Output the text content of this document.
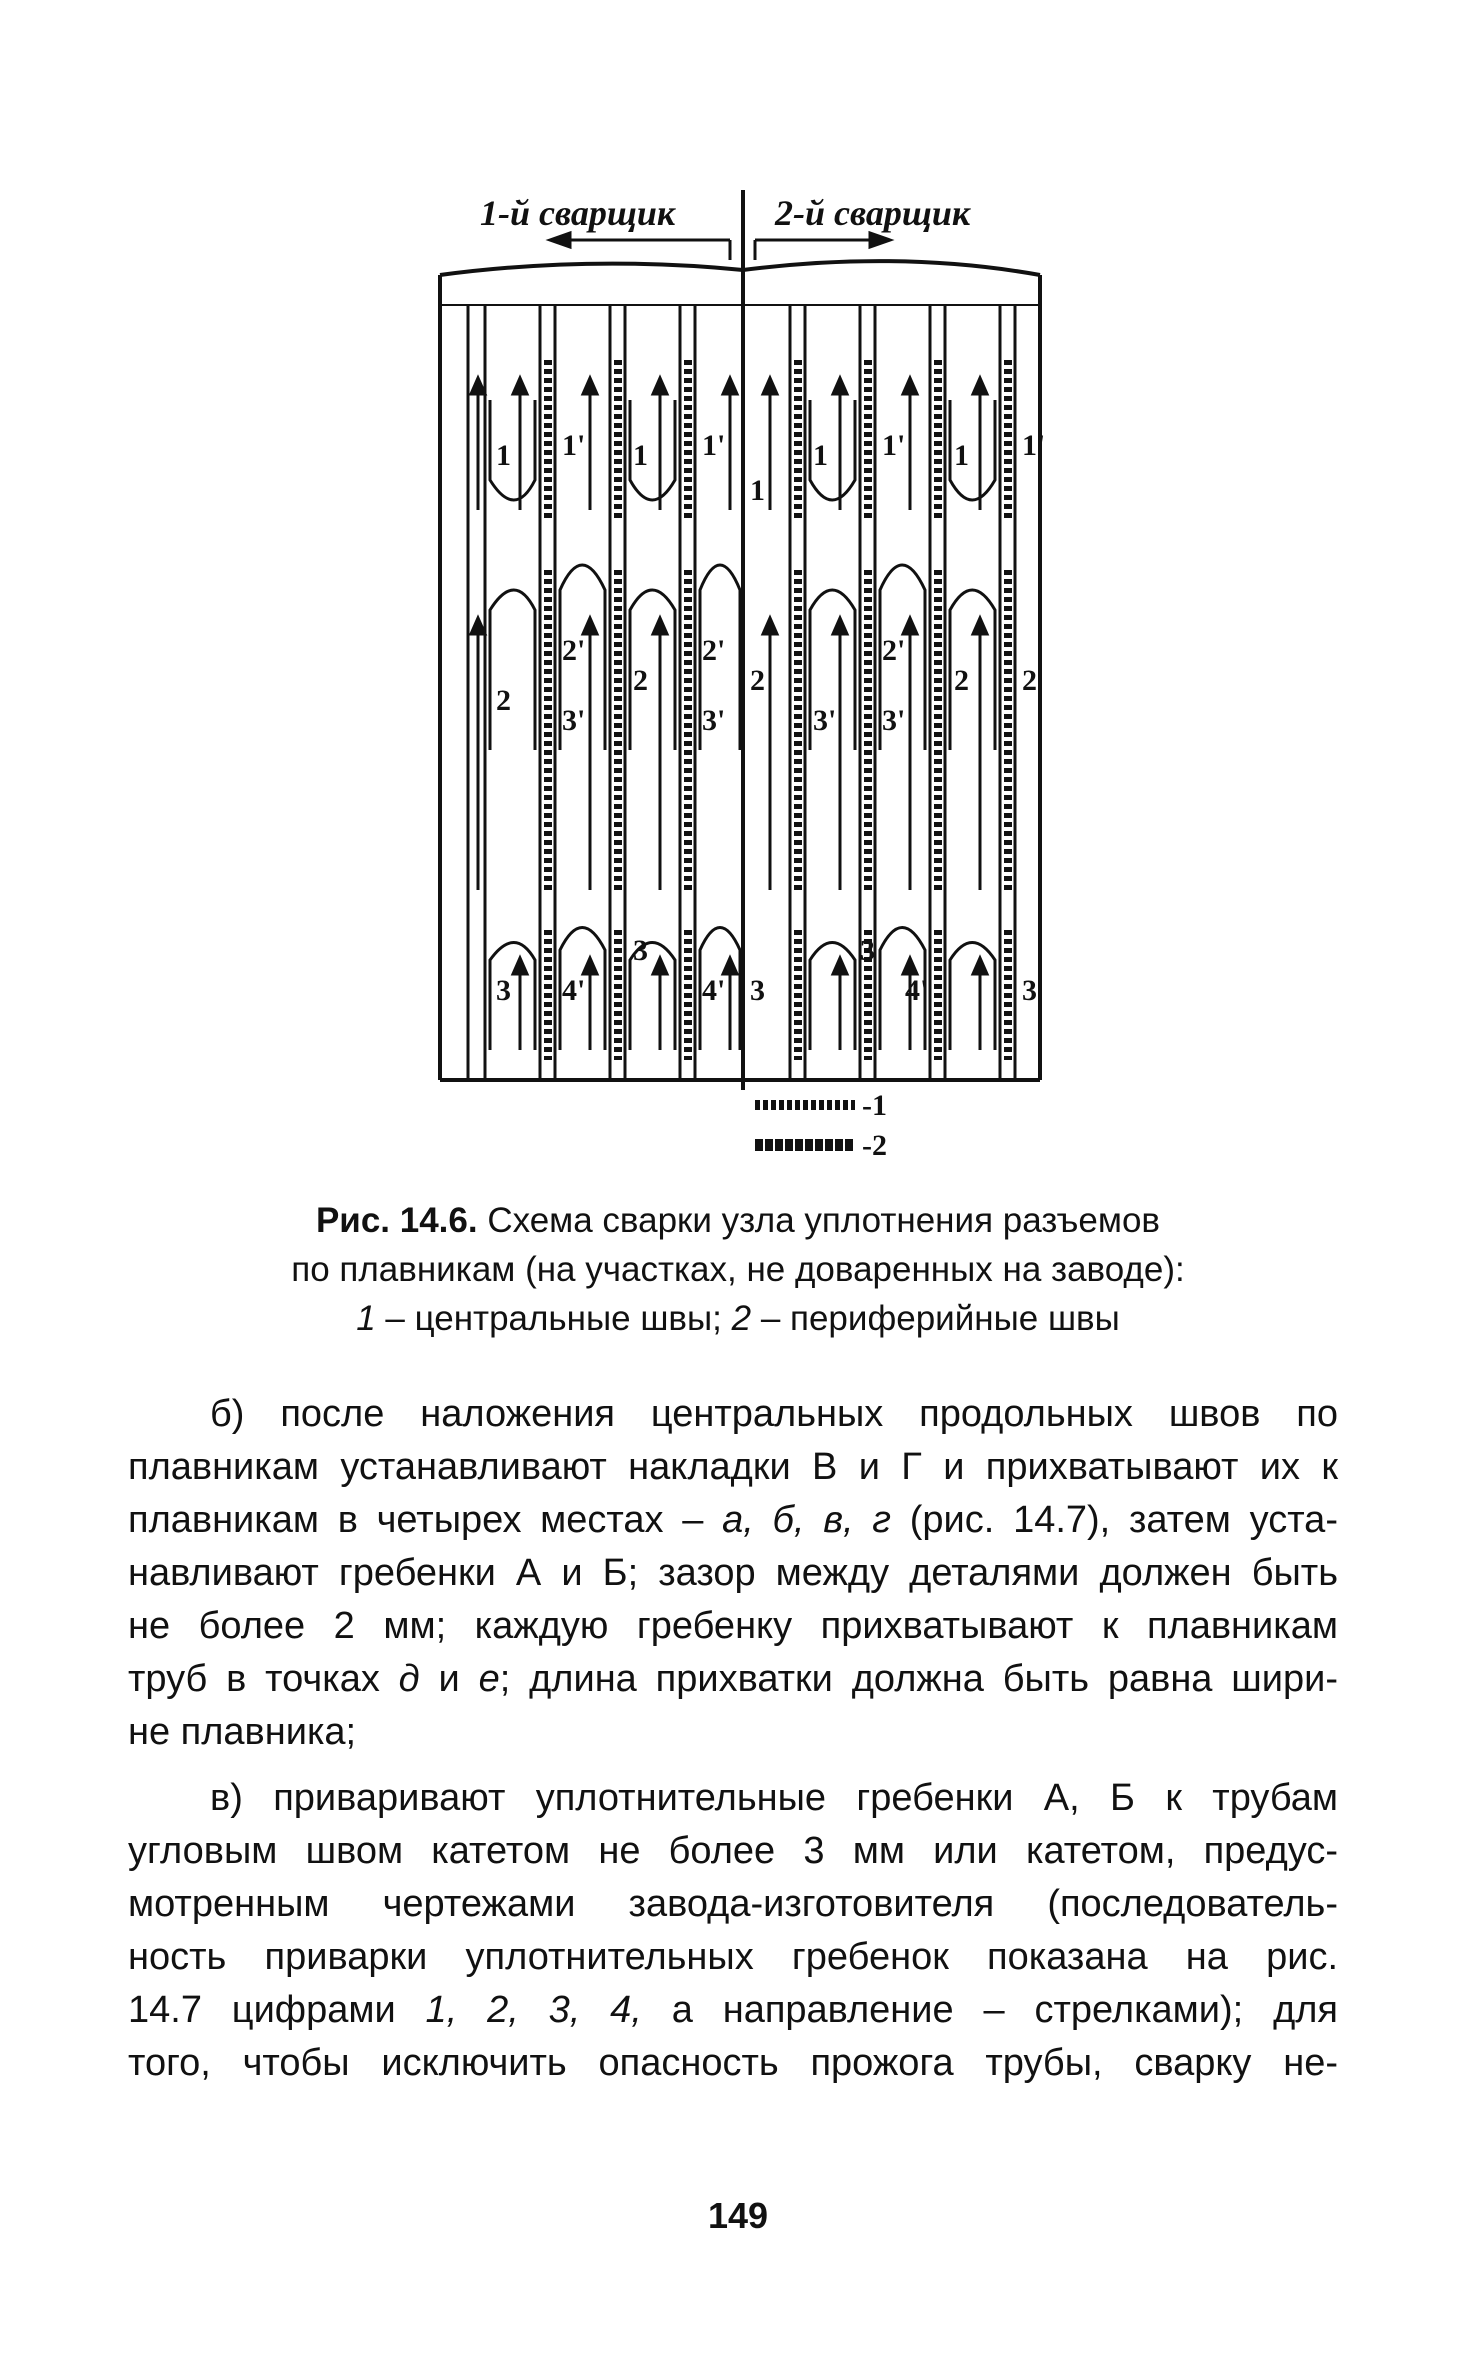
1-й сварщик	2-й сварщик
1 1' 1 1'	1 1' 1 1'
1
2
2'
2
2'
2	2
2'
2
3'	3'	3' 3'
3 4'
3
4' 3
3
4'	3
-1
-2
Рис. 14.6. Схема сварки узла уплотнения разъемов
по плавникам (на участках, не доваренных на заводе):
1 – центральные швы; 2 – периферийные швы
б) после наложения центральных продольных швов по
плавникам устанавливают накладки В и Г и прихватывают их к
плавникам в четырех местах – а, б, в, г (рис. 14.7), затем уста-
навливают гребенки А и Б; зазор между деталями должен быть
не более 2 мм; каждую гребенку прихватывают к плавникам
труб в точках д и е; длина прихватки должна быть равна шири-
не плавника;
в) приваривают уплотнительные гребенки А, Б к трубам
угловым швом катетом не более 3 мм или катетом, предус-
мотренным чертежами завода-изготовителя (последователь-
ность приварки уплотнительных гребенок показана на рис.
14.7 цифрами 1, 2, 3, 4, а направление – стрелками); для
того, чтобы исключить опасность прожога трубы, сварку не-
149
